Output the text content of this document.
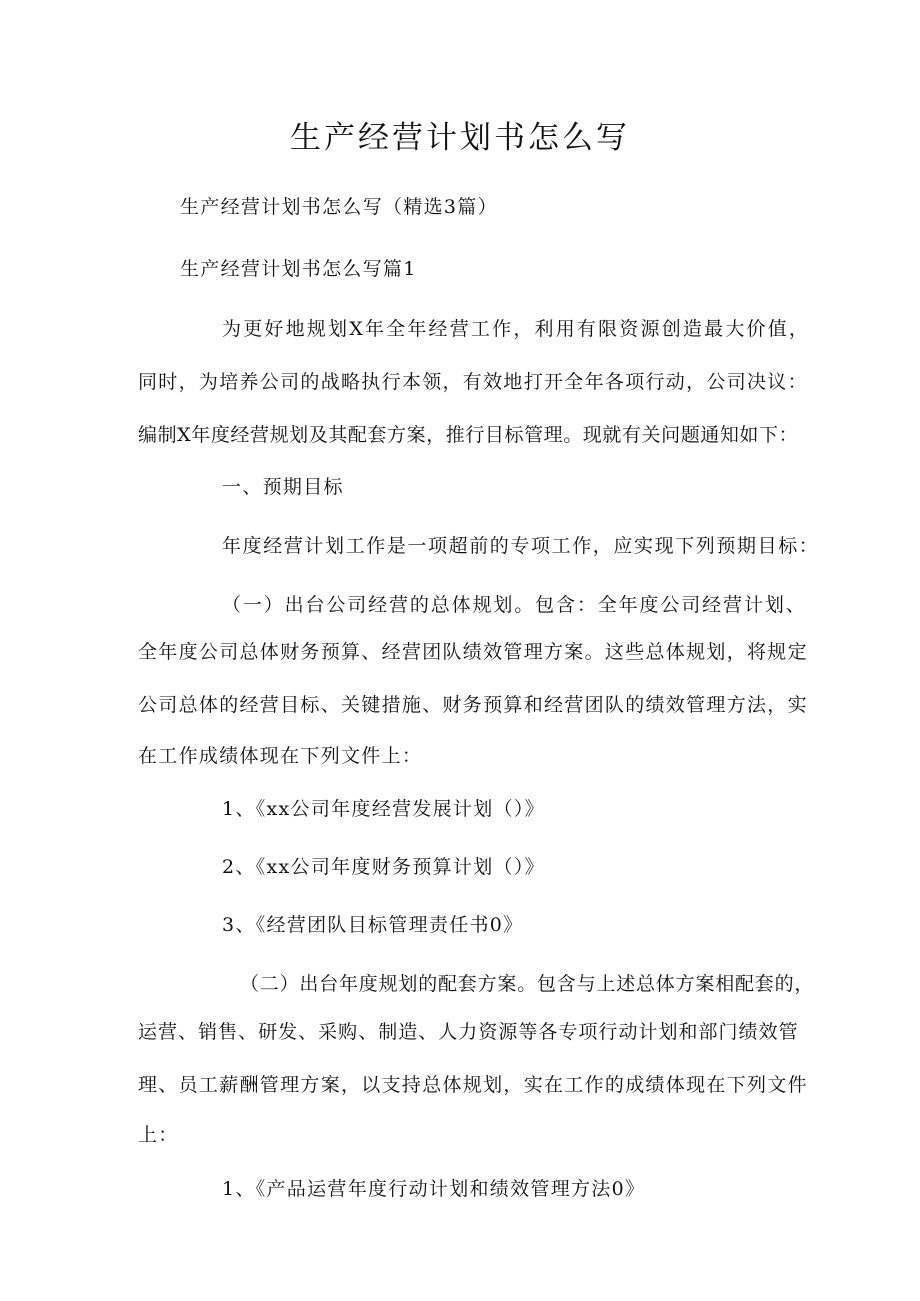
生产经营计划书怎么写
生产经营计划书怎么写（精选3篇）
生产经营计划书怎么写篇1
为更好地规划X年全年经营工作，利用有限资源创造最大价值，
同时，为培养公司的战略执行本领，有效地打开全年各项行动，公司决议：
编制X年度经营规划及其配套方案，推行目标管理。现就有关问题通知如下：
一、预期目标
年度经营计划工作是一项超前的专项工作，应实现下列预期目标：
（一）出台公司经营的总体规划。包含：全年度公司经营计划、
全年度公司总体财务预算、经营团队绩效管理方案。这些总体规划，将规定
公司总体的经营目标、关键措施、财务预算和经营团队的绩效管理方法，实
在工作成绩体现在下列文件上：
1、《xx公司年度经营发展计划（）》
2、《xx公司年度财务预算计划（）》
3、《经营团队目标管理责任书0》
（二）出台年度规划的配套方案。包含与上述总体方案相配套的，
运营、销售、研发、采购、制造、人力资源等各专项行动计划和部门绩效管
理、员工薪酬管理方案，以支持总体规划，实在工作的成绩体现在下列文件
上：
1、《产品运营年度行动计划和绩效管理方法0》
